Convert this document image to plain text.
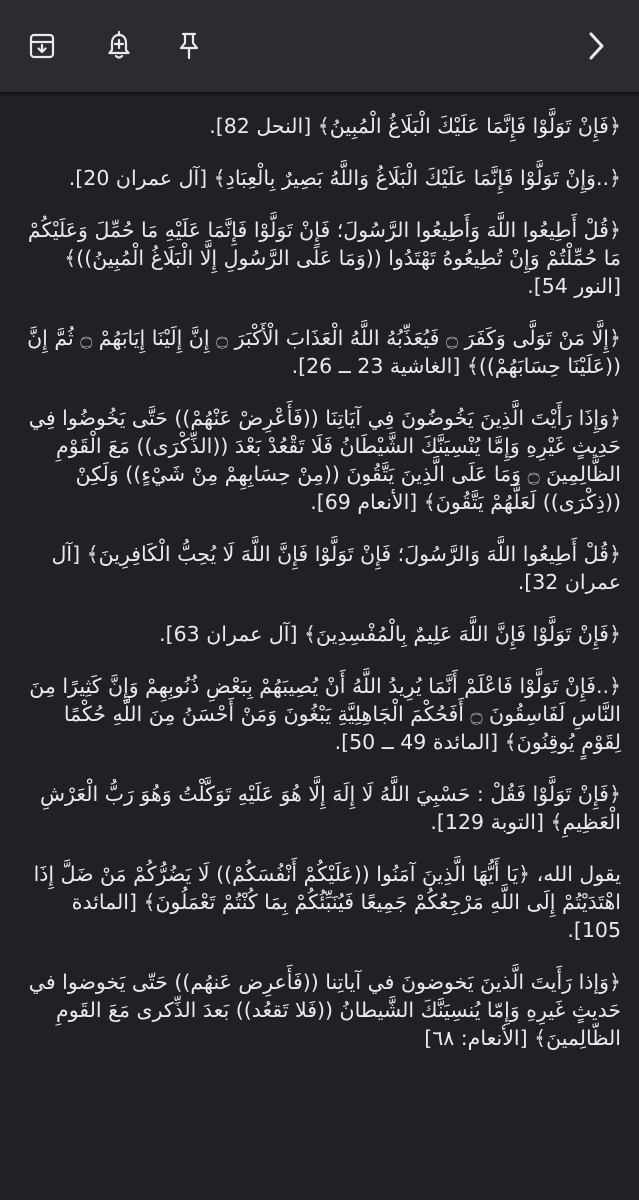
﴿فَإِنْ تَوَلَّوْا فَإِنَّمَا عَلَيْكَ الْبَلَاغُ الْمُبِينُ﴾ [النحل 82].

﴿..وَإِنْ تَوَلَّوْا فَإِنَّمَا عَلَيْكَ الْبَلَاغُ وَاللَّهُ بَصِيرٌ بِالْعِبَادِ﴾ [آل عمران 20].

﴿قُلْ أَطِيعُوا اللَّهَ وَأَطِيعُوا الرَّسُولَ؛ فَإِنْ تَوَلَّوْا فَإِنَّمَا عَلَيْهِ مَا حُمِّلَ وَعَلَيْكُمْ مَا حُمِّلْتُمْ وَإِنْ تُطِيعُوهُ تَهْتَدُوا ((وَمَا عَلَى الرَّسُولِ إِلَّا الْبَلَاغُ الْمُبِينُ))﴾ [النور 54].

﴿إِلَّا مَنْ تَوَلَّى وَكَفَرَ ۝ فَيُعَذِّبُهُ اللَّهُ الْعَذَابَ الْأَكْبَرَ ۝ إِنَّ إِلَيْنَا إِيَابَهُمْ ۝ ثُمَّ إِنَّ ((عَلَيْنَا حِسَابَهُمْ))﴾ [الغاشية 23 ــ 26].

﴿وَإِذَا رَأَيْتَ الَّذِينَ يَخُوضُونَ فِي آيَاتِنَا ((فَأَعْرِضْ عَنْهُمْ)) حَتَّى يَخُوضُوا فِي حَدِيثٍ غَيْرِهِ وَإِمَّا يُنْسِيَنَّكَ الشَّيْطَانُ فَلَا تَقْعُدْ بَعْدَ ((الذِّكْرَى)) مَعَ الْقَوْمِ الظَّالِمِينَ ۝ وَمَا عَلَى الَّذِينَ يَتَّقُونَ ((مِنْ حِسَابِهِمْ مِنْ شَيْءٍ)) وَلَكِنْ ((ذِكْرَى)) لَعَلَّهُمْ يَتَّقُونَ﴾ [الأنعام 69].

﴿قُلْ أَطِيعُوا اللَّهَ وَالرَّسُولَ؛ فَإِنْ تَوَلَّوْا فَإِنَّ اللَّهَ لَا يُحِبُّ الْكَافِرِينَ﴾ [آل عمران 32].

﴿فَإِنْ تَوَلَّوْا فَإِنَّ اللَّهَ عَلِيمٌ بِالْمُفْسِدِينَ﴾ [آل عمران 63].

﴿..فَإِنْ تَوَلَّوْا فَاعْلَمْ أَنَّمَا يُرِيدُ اللَّهُ أَنْ يُصِيبَهُمْ بِبَعْضِ ذُنُوبِهِمْ وَإِنَّ كَثِيرًا مِنَ النَّاسِ لَفَاسِقُونَ ۝ أَفَحُكْمَ الْجَاهِلِيَّةِ يَبْغُونَ وَمَنْ أَحْسَنُ مِنَ اللَّهِ حُكْمًا لِقَوْمٍ يُوقِنُونَ﴾ [المائدة 49 ــ 50].

﴿فَإِنْ تَوَلَّوْا فَقُلْ : حَسْبِيَ اللَّهُ لَا إِلَهَ إِلَّا هُوَ عَلَيْهِ تَوَكَّلْتُ وَهُوَ رَبُّ الْعَرْشِ الْعَظِيمِ﴾ [التوبة 129].

يقول الله، ﴿يَا أَيُّهَا الَّذِينَ آمَنُوا ((عَلَيْكُمْ أَنْفُسَكُمْ)) لَا يَضُرُّكُمْ مَنْ ضَلَّ إِذَا اهْتَدَيْتُمْ إِلَى اللَّهِ مَرْجِعُكُمْ جَمِيعًا فَيُنَبِّئُكُمْ بِمَا كُنْتُمْ تَعْمَلُونَ﴾ [المائدة 105].

﴿وَإذا رَأَيتَ الَّذينَ يَخوضونَ في آياتِنا ((فَأَعرِض عَنهُم)) حَتّى يَخوضوا في حَديثٍ غَيرِهِ وَإِمّا يُنسِيَنَّكَ الشَّيطانُ ((فَلا تَقعُد)) بَعدَ الذِّكرى مَعَ القَومِ الظّالِمينَ﴾ [الأنعام: ٦٨]
